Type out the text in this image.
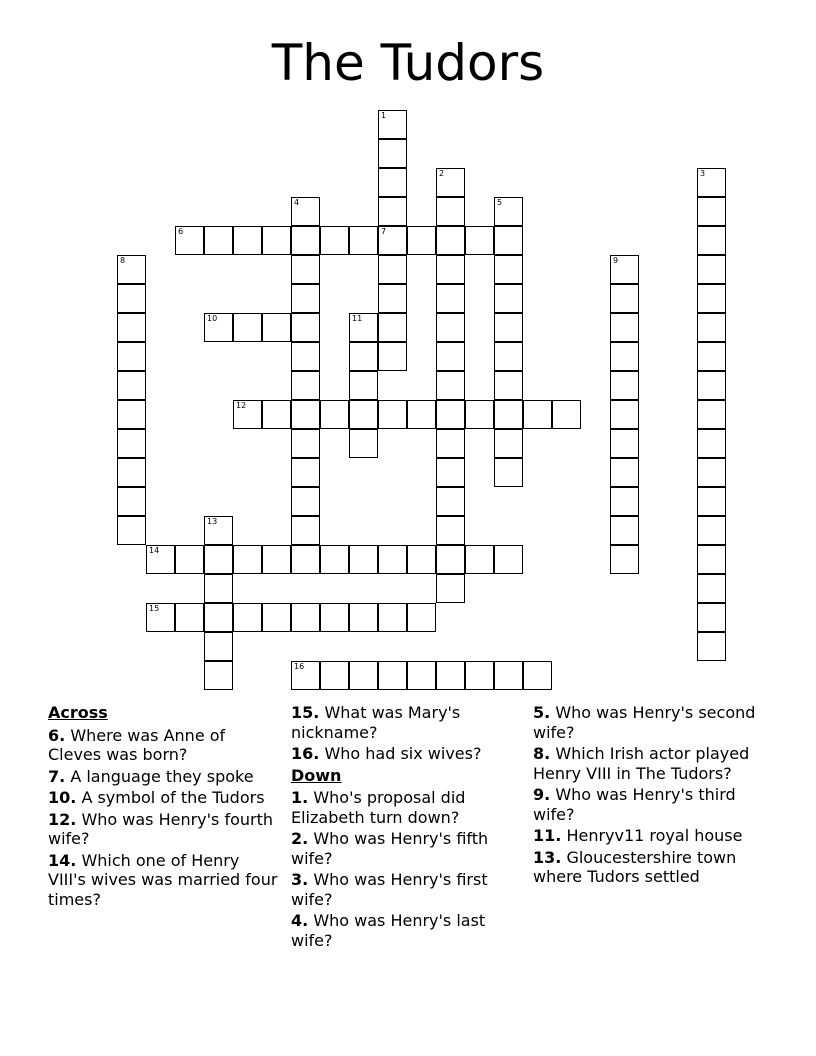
The Tudors
1
7
2	3
4	5
6
8	9
10	11
12
13
14
15
16
Across
6. Where was Anne of Cleves was born?
7. A language they spoke
10. A symbol of the Tudors
12. Who was Henry's fourth wife?
14. Which one of Henry VIII's wives was married four times?
15. What was Mary's nickname?
16. Who had six wives?
Down
1. Who's proposal did Elizabeth turn down?
2. Who was Henry's fifth wife?
3. Who was Henry's first wife?
4. Who was Henry's last wife?
5. Who was Henry's second wife?
8. Which Irish actor played Henry VIII in The Tudors?
9. Who was Henry's third wife?
11. Henryv11 royal house
13. Gloucestershire town where Tudors settled
